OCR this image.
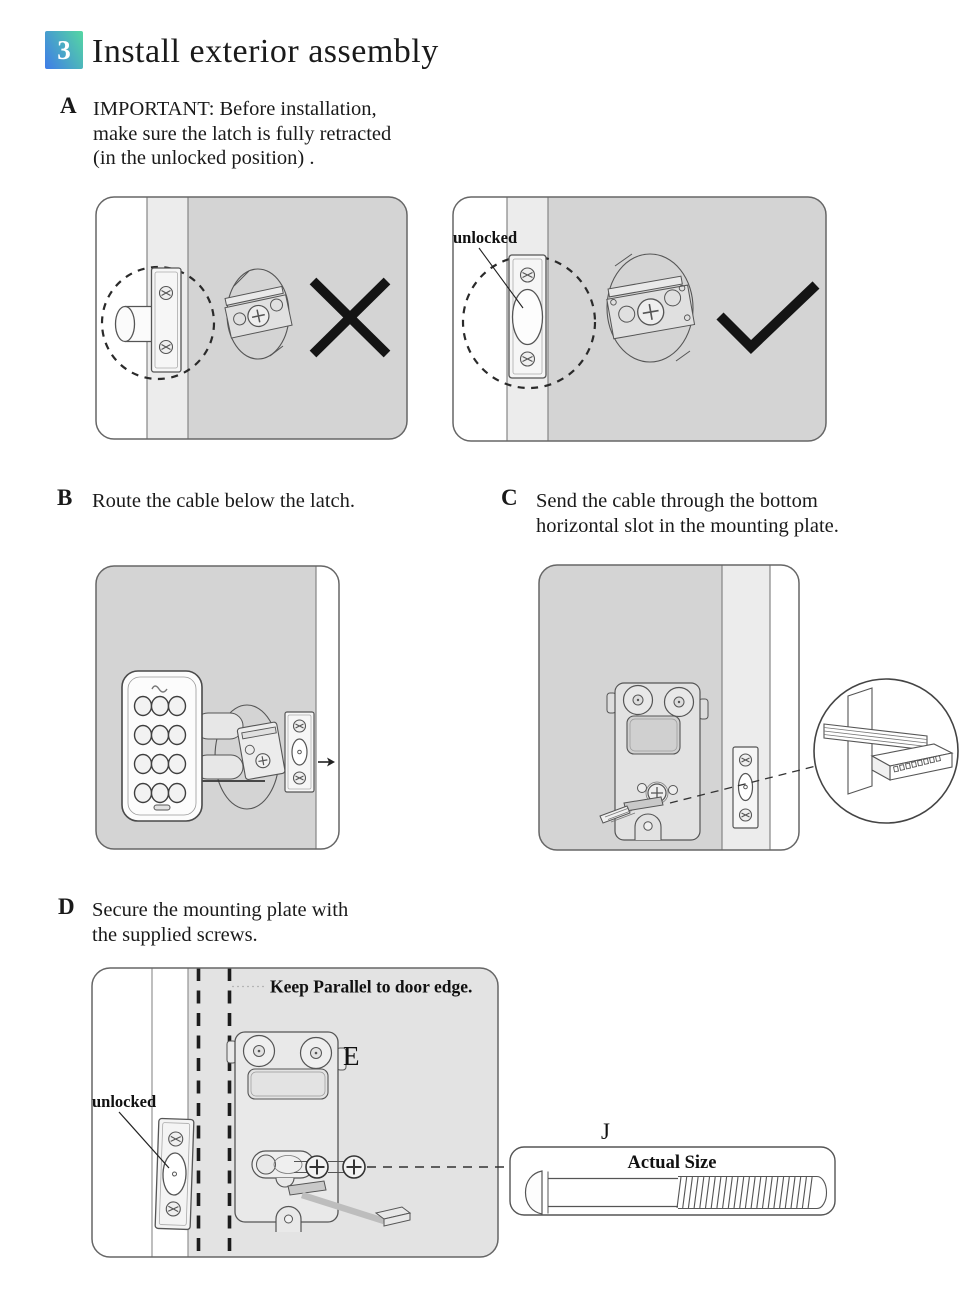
3 Install exterior assembly
A IMPORTANT: Before installation,
make sure the latch is fully retracted
(in the unlocked position) .
unlocked
B Route the cable below the latch.	C Send the cable through the bottom
horizontal slot in the mounting plate.
D Secure the mounting plate with
the supplied screws.
Keep Parallel to door edge.
E
unlocked
J
Actual Size
